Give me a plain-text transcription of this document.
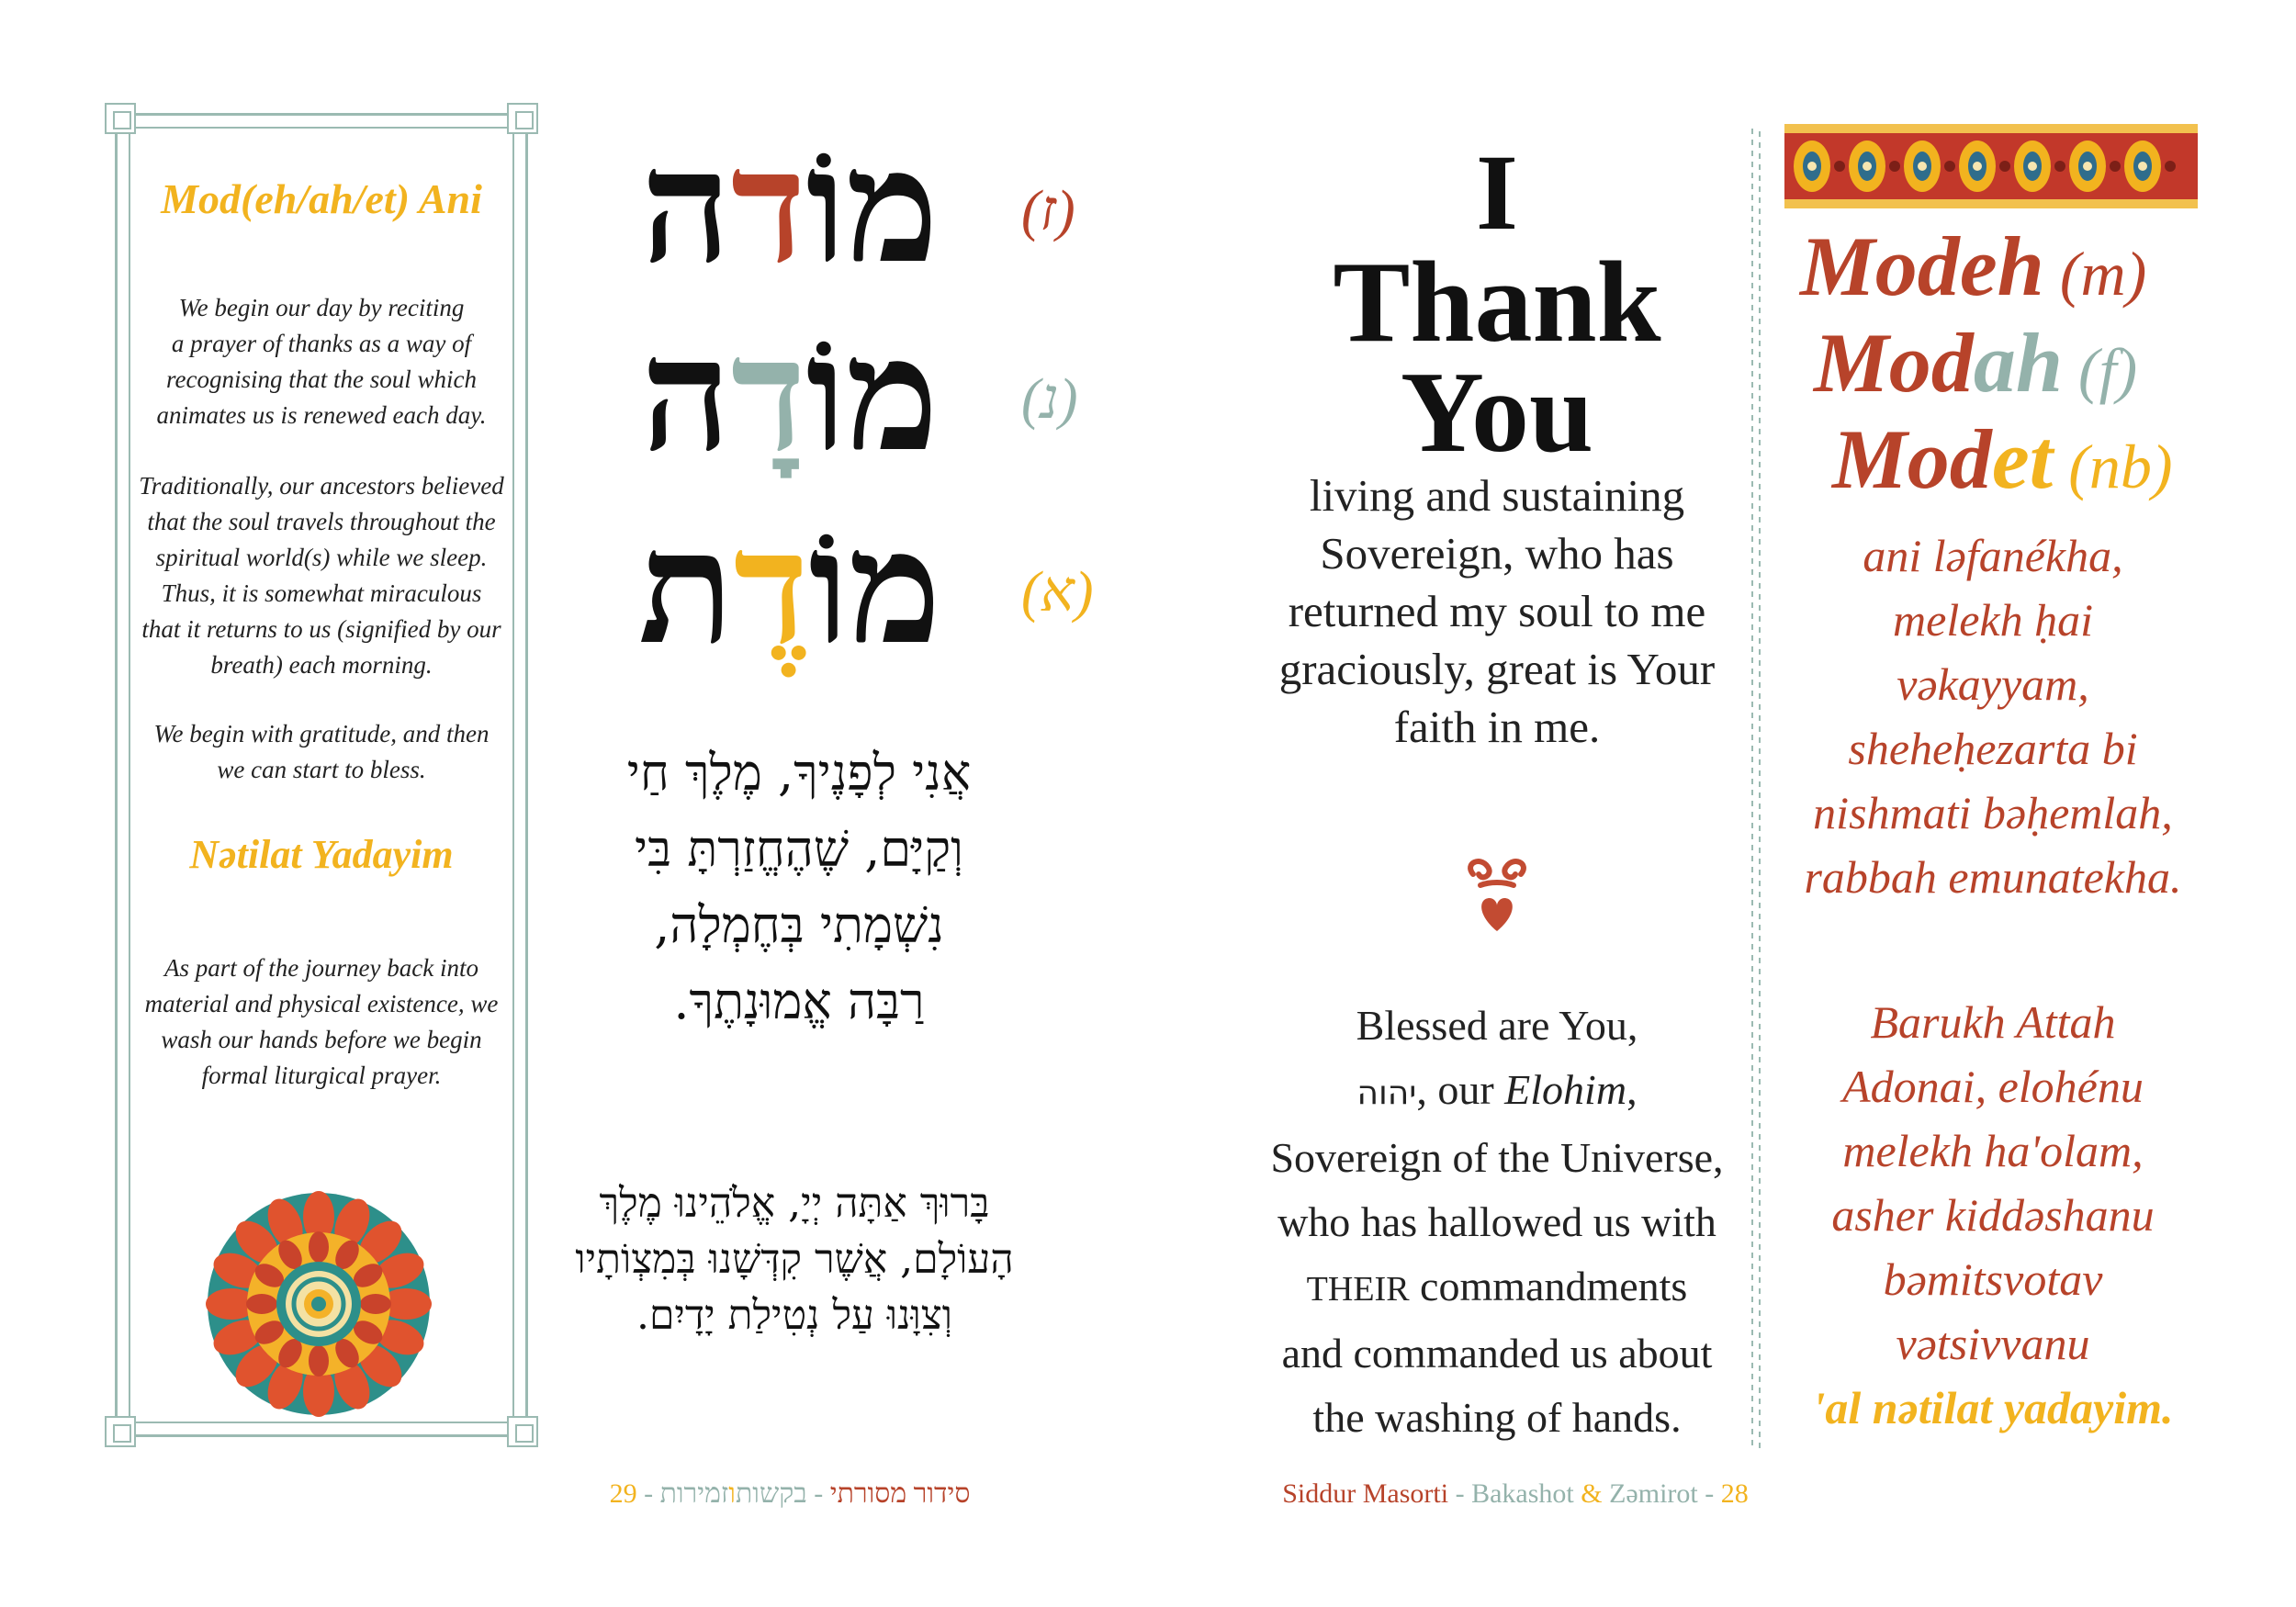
Mod(eh/ah/et) Ani
We begin our day by reciting
a prayer of thanks as a way of
recognising that the soul which
animates us is renewed each day.
Traditionally, our ancestors believed
that the soul travels throughout the
spiritual world(s) while we sleep.
Thus, it is somewhat miraculous
that it returns to us (signified by our
breath) each morning.
We begin with gratitude, and then
we can start to bless.
Nətilat Yadayim
As part of the journey back into
material and physical existence, we
wash our hands before we begin
formal liturgical prayer.
מוֹדה	(ז)
מוֹדָה	(נ)
מוֹדֶת	(א)
אֲנִי לְפָנֶיךָ, מֶלֶךְ חַי
וְקַיָּם, שֶׁהֶחֱזַרְתָּ בִּי
נִשְׁמָתִי בְּחֶמְלָה,
רַבָּה אֱמוּנָתֶךָ.
בָּרוּךְ אַתָּה יְיָ, אֱלֹהֵינוּ מֶלֶךְ
הָעוֹלָם, אֲשֶׁר קִדְּשָׁנוּ בְּמִצְוֹתָיו
וְצִוָּנוּ עַל נְטִילַת יָדָיִם.
סידור מסורתי - בקשותוזמירות - 29
I
Thank
You
living and sustaining
Sovereign, who has
returned my soul to me
graciously, great is Your
faith in me.
Blessed are You,
יהוה, our Elohim,
Sovereign of the Universe,
who has hallowed us with
THEIR commandments
and commanded us about
the washing of hands.
Siddur Masorti - Bakashot & Zəmirot - 28
Modeh (m)
Modah (f)
Modet (nb)
ani ləfanékha,
melekh ḥai
vəkayyam,
sheheḥezarta bi
nishmati bəḥemlah,
rabbah emunatekha.
Barukh Attah
Adonai, elohénu
melekh ha'olam,
asher kiddəshanu
bəmitsvotav
vətsivvanu
'al nətilat yadayim.
